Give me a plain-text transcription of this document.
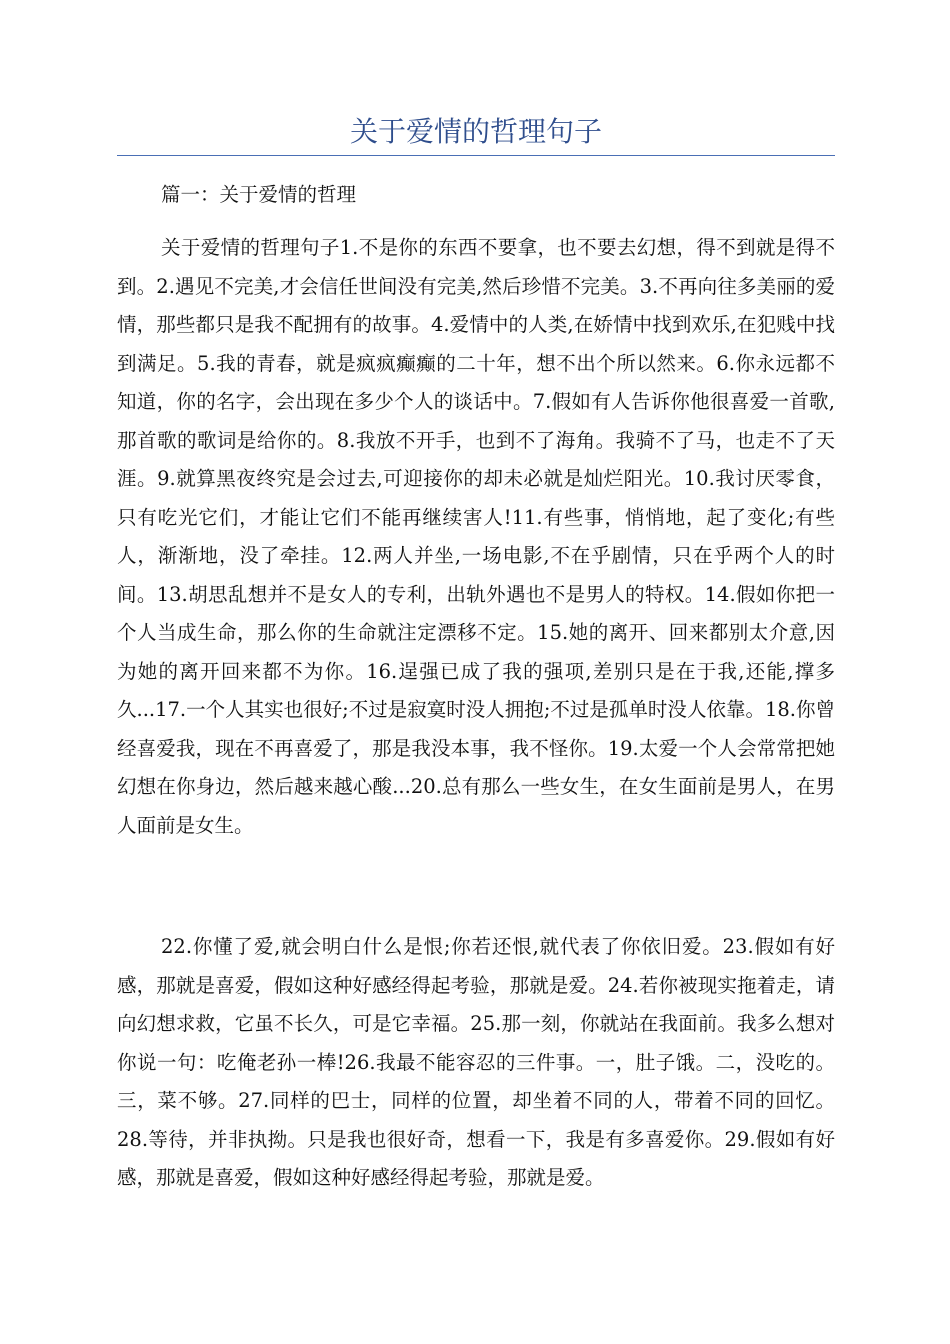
关于爱情的哲理句子

篇一：关于爱情的哲理

关于爱情的哲理句子1.不是你的东西不要拿，也不要去幻想，得不到就是得不到。2.遇见不完美,才会信任世间没有完美,然后珍惜不完美。3.不再向往多美丽的爱情，那些都只是我不配拥有的故事。4.爱情中的人类,在娇情中找到欢乐,在犯贱中找到满足。5.我的青春，就是疯疯癫癫的二十年，想不出个所以然来。6.你永远都不知道，你的名字，会出现在多少个人的谈话中。7.假如有人告诉你他很喜爱一首歌,那首歌的歌词是给你的。8.我放不开手，也到不了海角。我骑不了马，也走不了天涯。9.就算黑夜终究是会过去,可迎接你的却未必就是灿烂阳光。10.我讨厌零食，只有吃光它们，才能让它们不能再继续害人!11.有些事，悄悄地，起了变化;有些人，渐渐地，没了牵挂。12.两人并坐,一场电影,不在乎剧情，只在乎两个人的时间。13.胡思乱想并不是女人的专利，出轨外遇也不是男人的特权。14.假如你把一个人当成生命，那么你的生命就注定漂移不定。15.她的离开、回来都别太介意,因为她的离开回来都不为你。16.逞强已成了我的强项,差别只是在于我,还能,撑多久...17.一个人其实也很好;不过是寂寞时没人拥抱;不过是孤单时没人依靠。18.你曾经喜爱我，现在不再喜爱了，那是我没本事，我不怪你。19.太爱一个人会常常把她幻想在你身边，然后越来越心酸...20.总有那么一些女生，在女生面前是男人，在男人面前是女生。

22.你懂了爱,就会明白什么是恨;你若还恨,就代表了你依旧爱。23.假如有好感，那就是喜爱，假如这种好感经得起考验，那就是爱。24.若你被现实拖着走，请向幻想求救，它虽不长久，可是它幸福。25.那一刻，你就站在我面前。我多么想对你说一句：吃俺老孙一棒!26.我最不能容忍的三件事。一，肚子饿。二，没吃的。三，菜不够。27.同样的巴士，同样的位置，却坐着不同的人，带着不同的回忆。28.等待，并非执拗。只是我也很好奇，想看一下，我是有多喜爱你。29.假如有好感，那就是喜爱，假如这种好感经得起考验，那就是爱。
